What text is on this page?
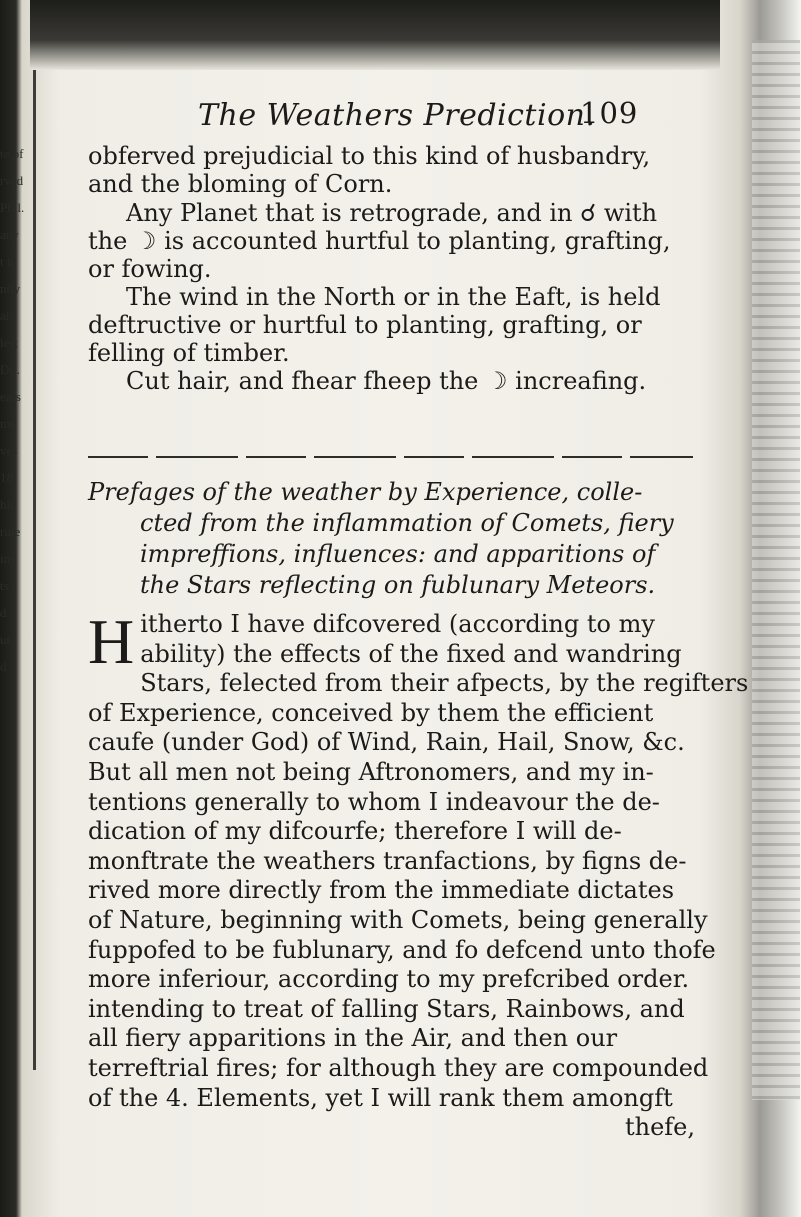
te of
rved
Phil.
any
t to
ntly
all
les;
Dit.
ears
me
ves
18.
his
rule
ing
ts
d
ut
d
The Weathers Prediction.
109
obferved prejudicial to this kind of husbandry,
and the bloming of Corn.
Any Planet that is retrograde, and in ☌ with
the ☽ is accounted hurtful to planting, grafting,
or fowing.
The wind in the North or in the Eaft, is held
deftructive or hurtful to planting, grafting, or
felling of timber.
Cut hair, and fhear fheep the ☽ increafing.
Prefages of the weather by Experience, colle-
cted from the inflammation of Comets, fiery
impreffions, influences: and apparitions of
the Stars reflecting on fublunary Meteors.
H itherto I have difcovered (according to my
ability) the effects of the fixed and wandring
Stars, felected from their afpects, by the regifters
of Experience, conceived by them the efficient
caufe (under God) of Wind, Rain, Hail, Snow, &c.
But all men not being Aftronomers, and my in-
tentions generally to whom I indeavour the de-
dication of my difcourfe; therefore I will de-
monftrate the weathers tranfactions, by figns de-
rived more directly from the immediate dictates
of Nature, beginning with Comets, being generally
fuppofed to be fublunary, and fo defcend unto thofe
more inferiour, according to my prefcribed order.
intending to treat of falling Stars, Rainbows, and
all fiery apparitions in the Air, and then our
terreftrial fires; for although they are compounded
of the 4. Elements, yet I will rank them amongft
thefe,
